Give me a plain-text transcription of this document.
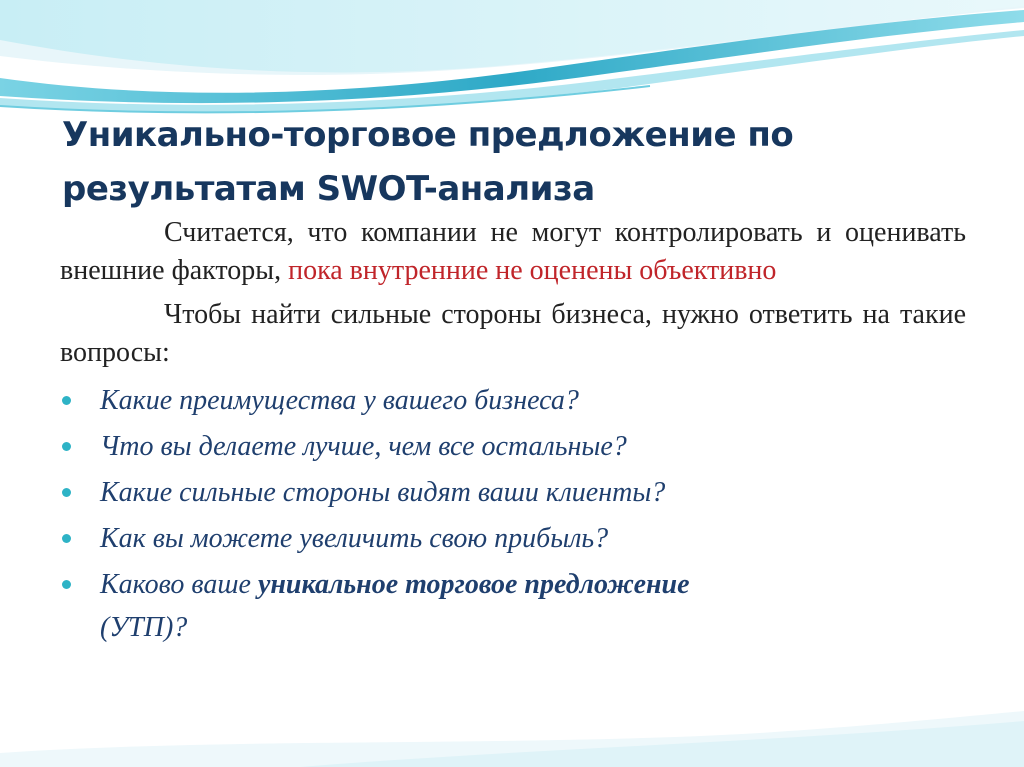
Уникально-торговое предложение по
результатам SWOT-анализа

Считается, что компании не могут контролировать и оценивать внешние факторы, пока внутренние не оценены объективно

Чтобы найти сильные стороны бизнеса, нужно ответить на такие вопросы:

Какие преимущества у вашего бизнеса?
Что вы делаете лучше, чем все остальные?
Какие сильные стороны видят ваши клиенты?
Как вы можете увеличить свою прибыль?
Каково ваше уникальное торговое предложение
(УТП)?
